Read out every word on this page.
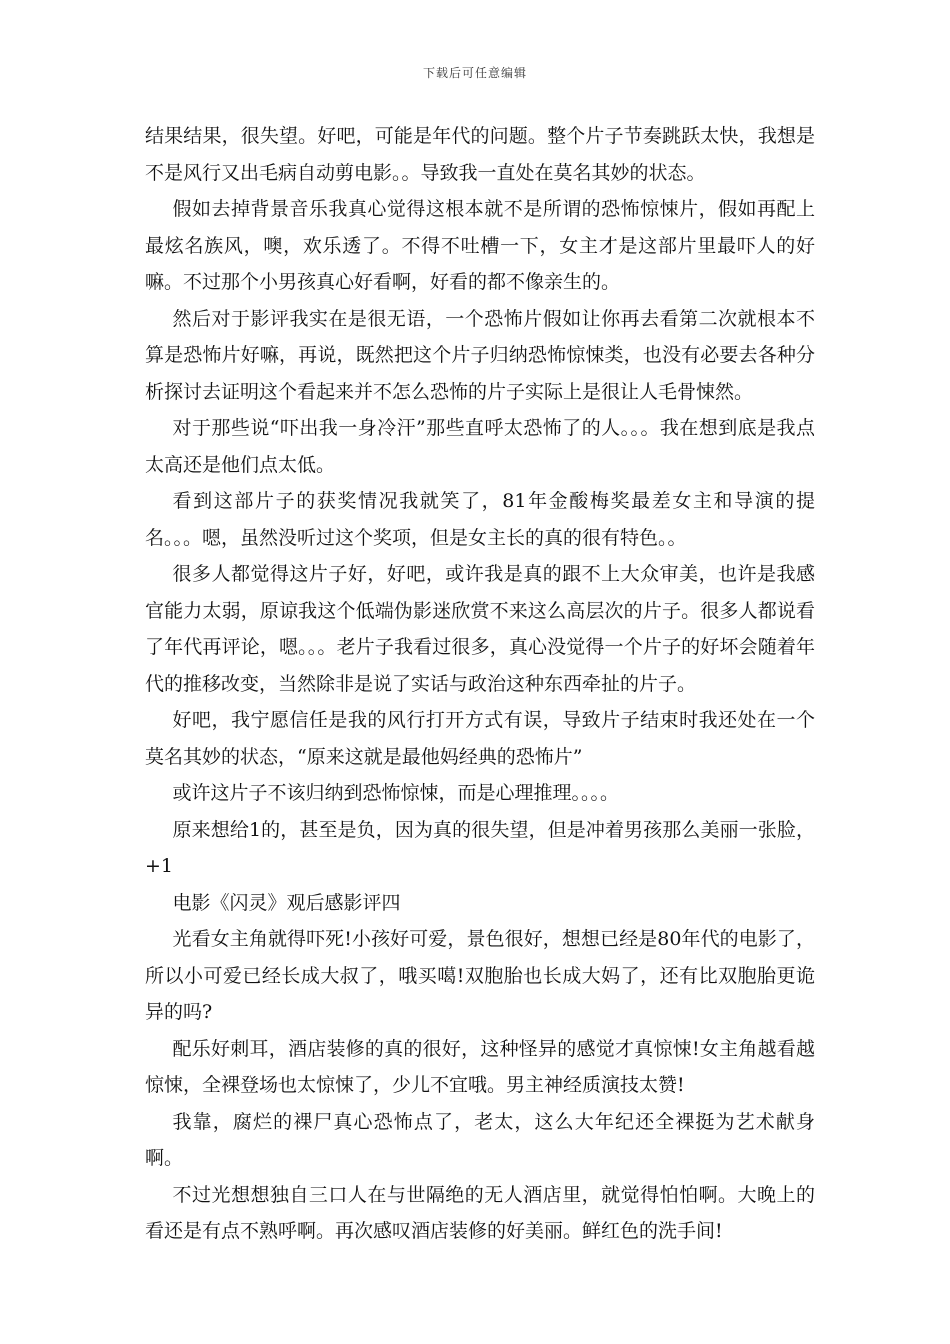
下载后可任意编辑

结果结果，很失望。好吧，可能是年代的问题。整个片子节奏跳跃太快，我想是不是风行又出毛病自动剪电影。。导致我一直处在莫名其妙的状态。

假如去掉背景音乐我真心觉得这根本就不是所谓的恐怖惊悚片，假如再配上最炫名族风，噢，欢乐透了。不得不吐槽一下，女主才是这部片里最吓人的好嘛。不过那个小男孩真心好看啊，好看的都不像亲生的。

然后对于影评我实在是很无语，一个恐怖片假如让你再去看第二次就根本不算是恐怖片好嘛，再说，既然把这个片子归纳恐怖惊悚类，也没有必要去各种分析探讨去证明这个看起来并不怎么恐怖的片子实际上是很让人毛骨悚然。

对于那些说“吓出我一身冷汗”那些直呼太恐怖了的人。。。我在想到底是我点太高还是他们点太低。

看到这部片子的获奖情况我就笑了，81年金酸梅奖最差女主和导演的提名。。。嗯，虽然没听过这个奖项，但是女主长的真的很有特色。。

很多人都觉得这片子好，好吧，或许我是真的跟不上大众审美，也许是我感官能力太弱，原谅我这个低端伪影迷欣赏不来这么高层次的片子。很多人都说看了年代再评论，嗯。。。老片子我看过很多，真心没觉得一个片子的好坏会随着年代的推移改变，当然除非是说了实话与政治这种东西牵扯的片子。

好吧，我宁愿信任是我的风行打开方式有误，导致片子结束时我还处在一个莫名其妙的状态，“原来这就是最他妈经典的恐怖片”

或许这片子不该归纳到恐怖惊悚，而是心理推理。。。。

原来想给1的，甚至是负，因为真的很失望，但是冲着男孩那么美丽一张脸，+1

电影《闪灵》观后感影评四

光看女主角就得吓死!小孩好可爱，景色很好，想想已经是80年代的电影了，所以小可爱已经长成大叔了，哦买噶!双胞胎也长成大妈了，还有比双胞胎更诡异的吗?

配乐好刺耳，酒店装修的真的很好，这种怪异的感觉才真惊悚!女主角越看越惊悚，全裸登场也太惊悚了，少儿不宜哦。男主神经质演技太赞!

我靠，腐烂的裸尸真心恐怖点了，老太，这么大年纪还全裸挺为艺术献身啊。

不过光想想独自三口人在与世隔绝的无人酒店里，就觉得怕怕啊。大晚上的看还是有点不熟呼啊。再次感叹酒店装修的好美丽。鲜红色的洗手间!
